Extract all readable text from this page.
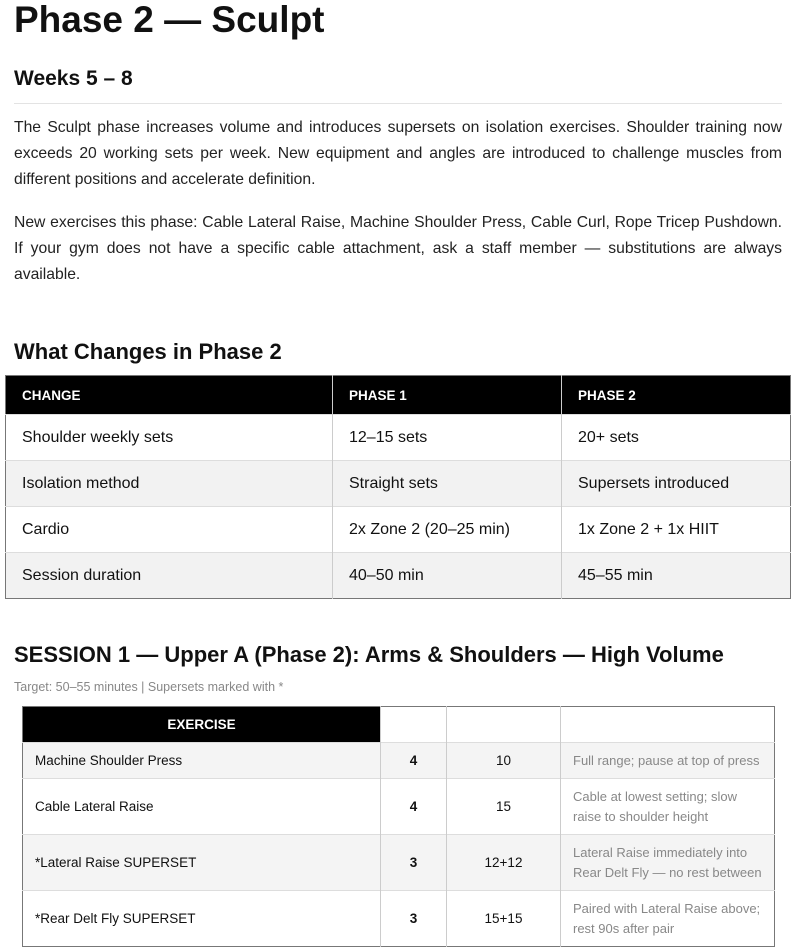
Phase 2 — Sculpt
Weeks 5 – 8

The Sculpt phase increases volume and introduces supersets on isolation exercises. Shoulder training now exceeds 20 working sets per week. New equipment and angles are introduced to challenge muscles from different positions and accelerate definition.

New exercises this phase: Cable Lateral Raise, Machine Shoulder Press, Cable Curl, Rope Tricep Pushdown. If your gym does not have a specific cable attachment, ask a staff member — substitutions are always available.

What Changes in Phase 2
CHANGE	PHASE 1	PHASE 2
Shoulder weekly sets	12–15 sets	20+ sets
Isolation method	Straight sets	Supersets introduced
Cardio	2x Zone 2 (20–25 min)	1x Zone 2 + 1x HIIT
Session duration	40–50 min	45–55 min
SESSION 1 — Upper A (Phase 2): Arms & Shoulders — High Volume

Target: 50–55 minutes | Supersets marked with *

EXERCISE			
Machine Shoulder Press	4	10	Full range; pause at top of press
Cable Lateral Raise	4	15	Cable at lowest setting; slow raise to shoulder height
*Lateral Raise SUPERSET	3	12+12	Lateral Raise immediately into Rear Delt Fly — no rest between
*Rear Delt Fly SUPERSET	3	15+15	Paired with Lateral Raise above; rest 90s after pair
